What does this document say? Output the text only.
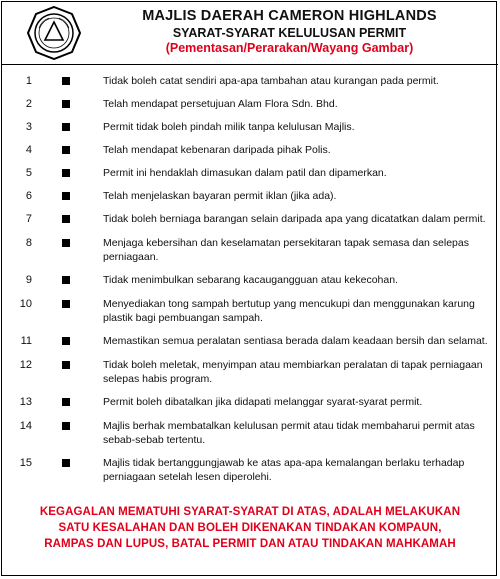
MAJLIS DAERAH CAMERON HIGHLANDS
SYARAT-SYARAT KELULUSAN PERMIT
(Pementasan/Perarakan/Wayang Gambar)
1	Tidak boleh catat sendiri apa-apa tambahan atau kurangan pada permit.
2	Telah mendapat persetujuan Alam Flora Sdn. Bhd.
3	Permit tidak boleh pindah milik tanpa kelulusan Majlis.
4	Telah mendapat kebenaran daripada pihak Polis.
5	Permit ini hendaklah dimasukan dalam patil dan dipamerkan.
6	Telah menjelaskan bayaran permit iklan (jika ada).
7	Tidak boleh berniaga barangan selain daripada apa yang dicatatkan dalam permit.
8	Menjaga kebersihan dan keselamatan persekitaran tapak semasa dan selepas perniagaan.
9	Tidak menimbulkan sebarang kacaugangguan atau kekecohan.
10	Menyediakan tong sampah bertutup yang mencukupi dan menggunakan karung plastik bagi pembuangan sampah.
11	Memastikan semua peralatan sentiasa berada dalam keadaan bersih dan selamat.
12	Tidak boleh meletak, menyimpan atau membiarkan peralatan di tapak perniagaan selepas habis program.
13	Permit boleh dibatalkan jika didapati melanggar syarat-syarat permit.
14	Majlis berhak membatalkan kelulusan permit atau tidak membaharui permit atas sebab-sebab tertentu.
15	Majlis tidak bertanggungjawab ke atas apa-apa kemalangan berlaku terhadap perniagaan setelah lesen diperolehi.
KEGAGALAN MEMATUHI SYARAT-SYARAT DI ATAS, ADALAH MELAKUKAN
SATU KESALAHAN DAN BOLEH DIKENAKAN TINDAKAN KOMPAUN,
RAMPAS DAN LUPUS, BATAL PERMIT DAN ATAU TINDAKAN MAHKAMAH
